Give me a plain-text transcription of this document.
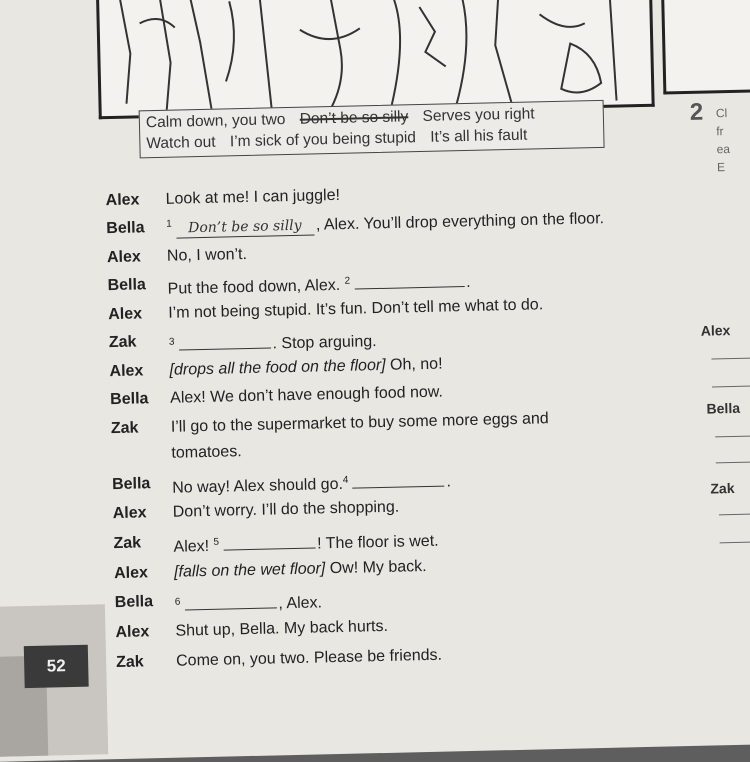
Calm down, you two Don’t be so silly Serves you right
Watch out I’m sick of you being stupid It’s all his fault
Alex Look at me! I can juggle!
Bella $^1$ Don’t be so silly , Alex. You’ll drop everything on the floor.
Alex No, I won’t.
Bella Put the food down, Alex. $^2$	.
Alex I’m not being stupid. It’s fun. Don’t tell me what to do.
Zak	$^3$	. Stop arguing.
Alex [drops all the food on the floor] Oh, no!
Bella Alex! We don’t have enough food now.
Zak I’ll go to the supermarket to buy some more eggs and
tomatoes.
Bella No way! Alex should go.$^4$	.
Alex Don’t worry. I’ll do the shopping.
Zak Alex! $^5$	! The floor is wet.
Alex [falls on the wet floor] Ow! My back.
Bella $^6$	, Alex.
Alex Shut up, Bella. My back hurts.
Zak Come on, you two. Please be friends.
2 Cl
fr
ea
E
Alex
Bella
Zak
52
